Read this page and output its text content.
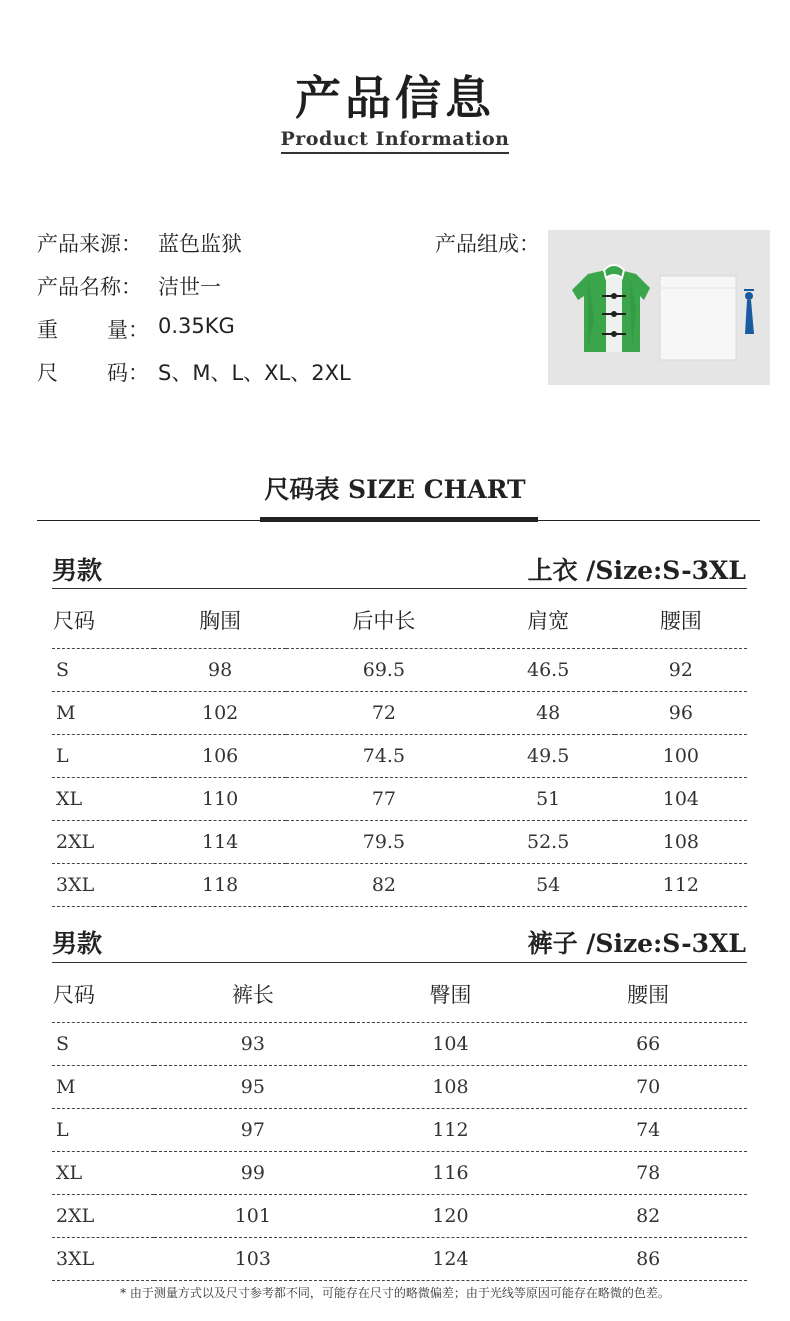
产品信息
Product Information
产品来源： 蓝色监狱
产品名称： 洁世一
重 量： 0.35KG
尺 码： S、M、L、XL、2XL
产品组成：
尺码表 SIZE CHART
男款	上衣 /Size:S-3XL
尺码	胸围	后中长	肩宽	腰围
S	98	69.5	46.5	92
M	102	72	48	96
L	106	74.5	49.5	100
XL	110	77	51	104
2XL	114	79.5	52.5	108
3XL	118	82	54	112
男款	裤子 /Size:S-3XL
尺码	裤长	臀围	腰围
S	93	104	66
M	95	108	70
L	97	112	74
XL	99	116	78
2XL	101	120	82
3XL	103	124	86
* 由于测量方式以及尺寸参考都不同，可能存在尺寸的略微偏差；由于光线等原因可能存在略微的色差。
